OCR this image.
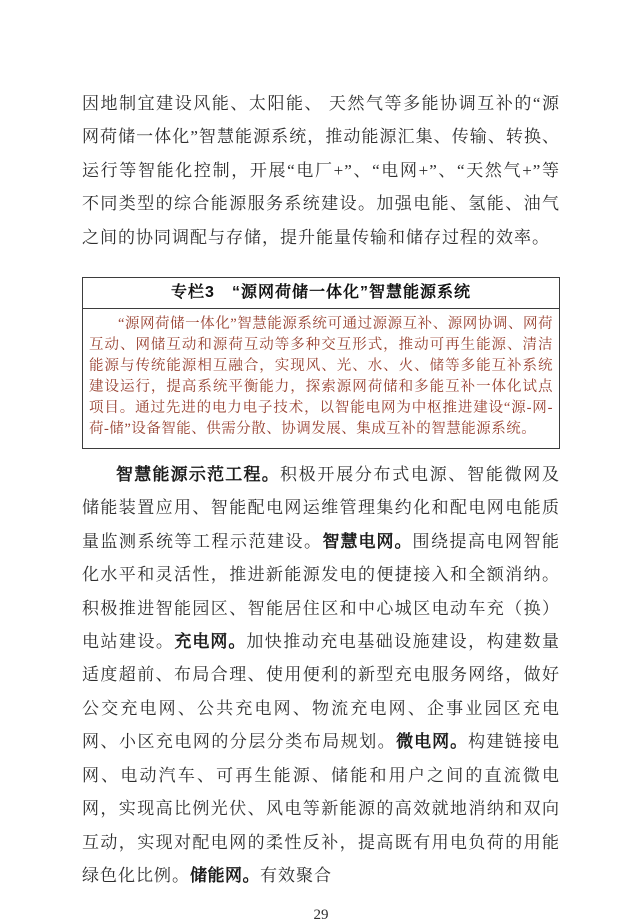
因地制宜建设风能、太阳能、 天然气等多能协调互补的“源网荷储一体化”智慧能源系统，推动能源汇集、传输、转换、运行等智能化控制，开展“电厂+”、“电网+”、“天然气+”等不同类型的综合能源服务系统建设。加强电能、氢能、油气之间的协同调配与存储，提升能量传输和储存过程的效率。

专栏3　“源网荷储一体化”智慧能源系统
“源网荷储一体化”智慧能源系统可通过源源互补、源网协调、网荷互动、网储互动和源荷互动等多种交互形式，推动可再生能源、清洁能源与传统能源相互融合，实现风、光、水、火、储等多能互补系统建设运行，提高系统平衡能力，探索源网荷储和多能互补一体化试点项目。通过先进的电力电子技术，以智能电网为中枢推进建设“源-网-荷-储”设备智能、供需分散、协调发展、集成互补的智慧能源系统。

智慧能源示范工程。积极开展分布式电源、智能微网及储能装置应用、智能配电网运维管理集约化和配电网电能质量监测系统等工程示范建设。智慧电网。围绕提高电网智能化水平和灵活性，推进新能源发电的便捷接入和全额消纳。积极推进智能园区、智能居住区和中心城区电动车充（换）电站建设。充电网。加快推动充电基础设施建设，构建数量适度超前、布局合理、使用便利的新型充电服务网络，做好公交充电网、公共充电网、物流充电网、企事业园区充电网、小区充电网的分层分类布局规划。微电网。构建链接电网、电动汽车、可再生能源、储能和用户之间的直流微电网，实现高比例光伏、风电等新能源的高效就地消纳和双向互动，实现对配电网的柔性反补，提高既有用电负荷的用能绿色化比例。储能网。有效聚合

29
